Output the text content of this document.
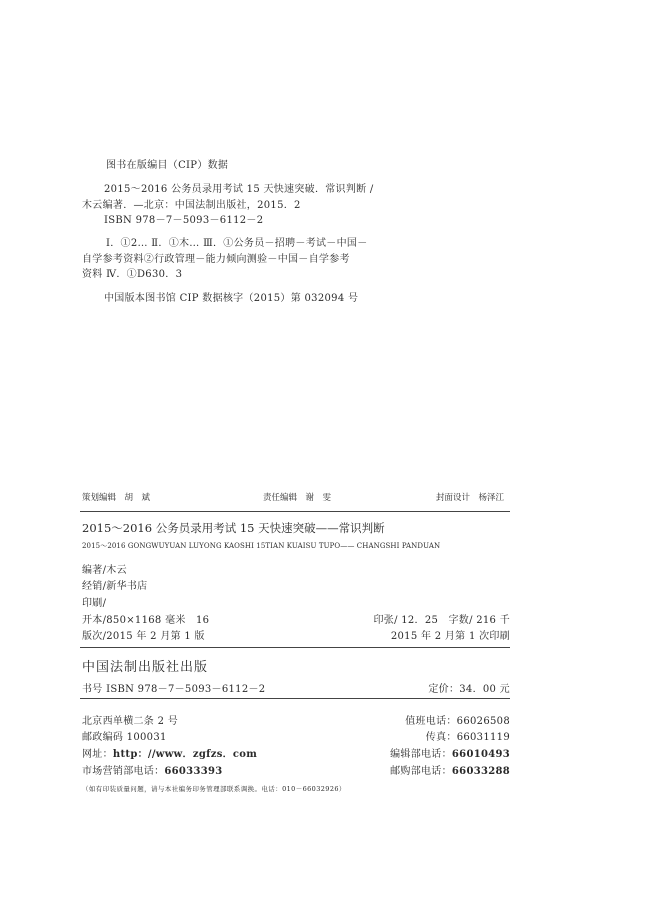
图书在版编目（CIP）数据
2015～2016 公务员录用考试 15 天快速突破．常识判断 /
木云编著．—北京：中国法制出版社，2015．2
ISBN 978－7－5093－6112－2
Ⅰ．①2… Ⅱ．①木… Ⅲ．①公务员－招聘－考试－中国－
自学参考资料②行政管理－能力倾向测验－中国－自学参考
资料 Ⅳ．①D630．3
中国版本图书馆 CIP 数据核字（2015）第 032094 号
策划编辑　胡　斌	责任编辑　谢　雯	封面设计　杨泽江
2015～2016 公务员录用考试 15 天快速突破——常识判断
2015～2016 GONGWUYUAN LUYONG KAOSHI 15TIAN KUAISU TUPO—— CHANGSHI PANDUAN
编著/木云
经销/新华书店
印刷/
开本/850×1168 毫米　16	印张/ 12．25　字数/ 216 千
版次/2015 年 2 月第 1 版	2015 年 2 月第 1 次印刷
中国法制出版社出版
书号 ISBN 978－7－5093－6112－2	定价：34．00 元
北京西单横二条 2 号	值班电话：66026508
邮政编码 100031	传真：66031119
网址：http：//www．zgfzs．com	编辑部电话：66010493
市场营销部电话：66033393	邮购部电话：66033288
（如有印装质量问题，请与本社编务印务管理部联系调换。电话：010－66032926）
